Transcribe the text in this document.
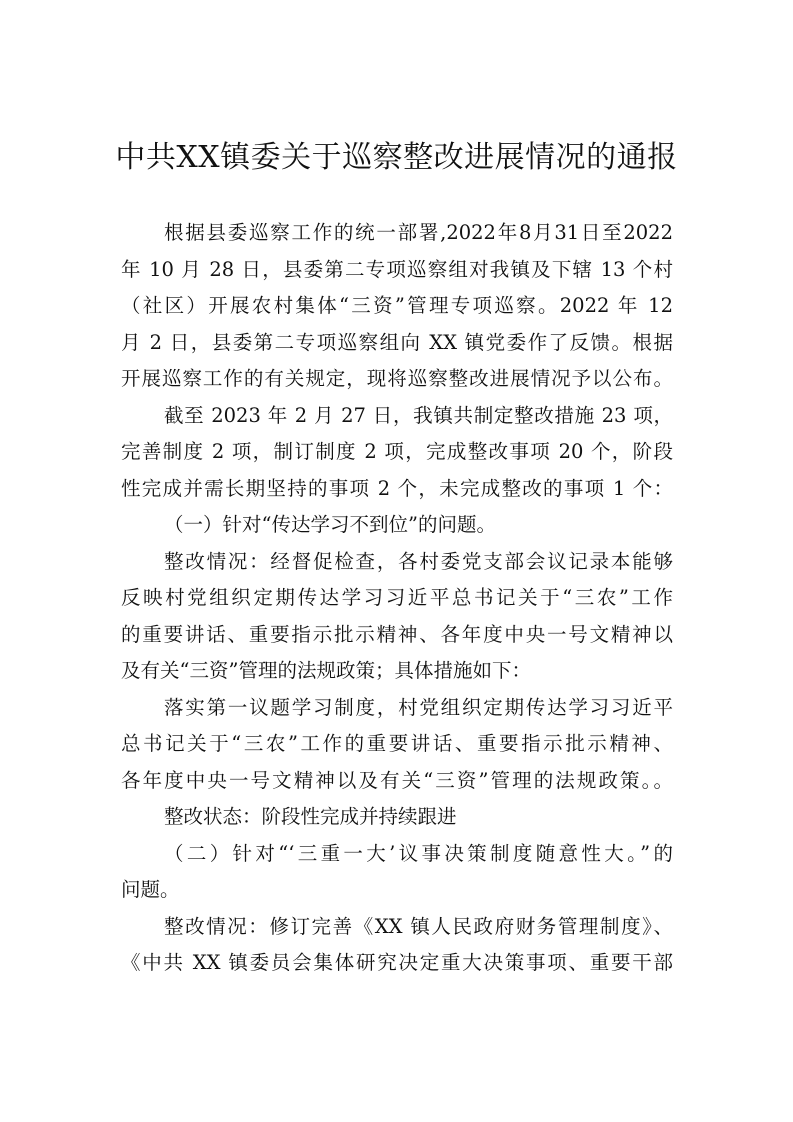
中共XX镇委关于巡察整改进展情况的通报
根据县委巡察工作的统一部署,2022年8月31日至2022
年 10 月 28 日，县委第二专项巡察组对我镇及下辖 13 个村
（社区）开展农村集体“三资”管理专项巡察。2022 年 12
月 2 日，县委第二专项巡察组向 XX 镇党委作了反馈。根据
开展巡察工作的有关规定，现将巡察整改进展情况予以公布。
截至 2023 年 2 月 27 日，我镇共制定整改措施 23 项，
完善制度 2 项，制订制度 2 项，完成整改事项 20 个，阶段
性完成并需长期坚持的事项 2 个，未完成整改的事项 1 个：
（一）针对“传达学习不到位”的问题。
整改情况：经督促检查，各村委党支部会议记录本能够
反映村党组织定期传达学习习近平总书记关于“三农”工作
的重要讲话、重要指示批示精神、各年度中央一号文精神以
及有关“三资”管理的法规政策；具体措施如下：
落实第一议题学习制度，村党组织定期传达学习习近平
总书记关于“三农”工作的重要讲话、重要指示批示精神、
各年度中央一号文精神以及有关“三资”管理的法规政策。。
整改状态：阶段性完成并持续跟进
（二）针对“‘三重一大’议事决策制度随意性大。”的
问题。
整改情况：修订完善《XX 镇人民政府财务管理制度》、
《中共 XX 镇委员会集体研究决定重大决策事项、重要干部
